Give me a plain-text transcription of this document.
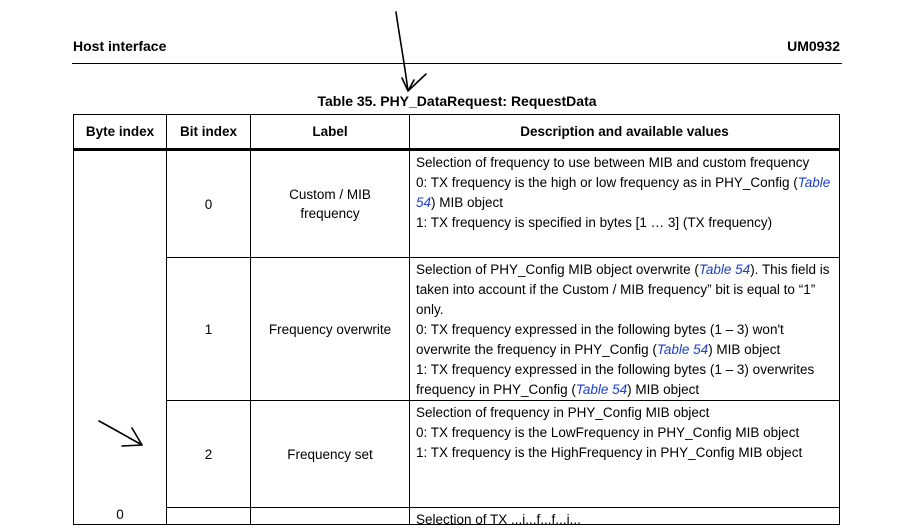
Host interface	UM0932
Table 35. PHY_DataRequest: RequestData
Byte index	Bit index	Label	Description and available values
0	0	Custom / MIB frequency	Selection of frequency to use between MIB and custom frequency

0: TX frequency is the high or low frequency as in PHY_Config (Table 54) MIB object

1: TX frequency is specified in bytes [1 … 3] (TX frequency)

	1	Frequency overwrite	Selection of PHY_Config MIB object overwrite (Table 54). This field is taken into account if the Custom / MIB frequency” bit is equal to “1” only.

0: TX frequency expressed in the following bytes (1 – 3) won't overwrite the frequency in PHY_Config (Table 54) MIB object

1: TX frequency expressed in the following bytes (1 – 3) overwrites frequency in PHY_Config (Table 54) MIB object

	2	Frequency set	Selection of frequency in PHY_Config MIB object

0: TX frequency is the LowFrequency in PHY_Config MIB object

1: TX frequency is the HighFrequency in PHY_Config MIB object

			Selection of TX ...i...f...f...i...
